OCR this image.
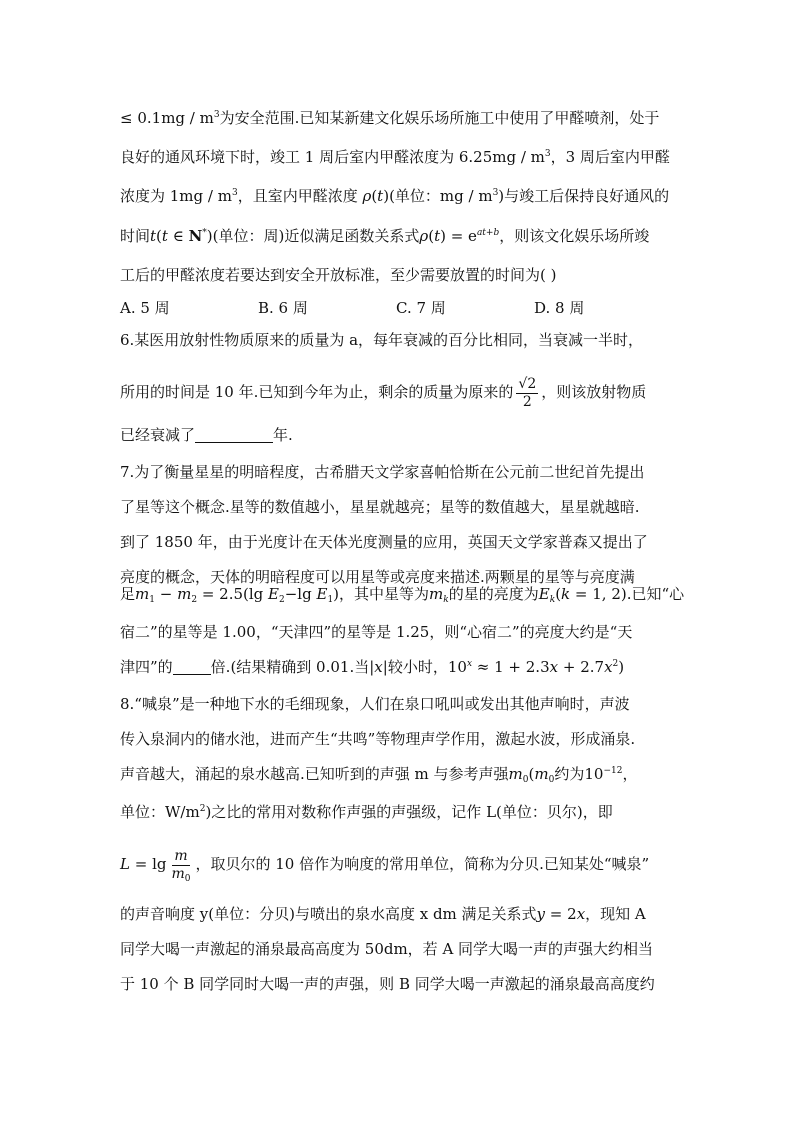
≤ $0.1mg / m^3$为安全范围.已知某新建文化娱乐场所施工中使用了甲醛喷剂，处于
良好的通风环境下时，竣工 1 周后室内甲醛浓度为 $6.25mg / m^3$，3 周后室内甲醛
浓度为 $1mg / m^3$，且室内甲醛浓度 ρ(t)(单位：mg / $m^3$)与竣工后保持良好通风的
时间t(t ∈ N*)(单位：周)近似满足函数关系式$\rho(t) = e^{at+b}$，则该文化娱乐场所竣
工后的甲醛浓度若要达到安全开放标准，至少需要放置的时间为( )
A. 5 周	B. 6 周	C. 7 周	D. 8 周
6.某医用放射性物质原来的质量为 a，每年衰减的百分比相同，当衰减一半时，
所用的时间是 10 年.已知到今年为止，剩余的质量为原来的 $\frac{√2}{2}$ ，则该放射物质
已经衰减了	年.
7.为了衡量星星的明暗程度，古希腊天文学家喜帕恰斯在公元前二世纪首先提出
了星等这个概念.星等的数值越小，星星就越亮；星等的数值越大，星星就越暗.
到了 1850 年，由于光度计在天体光度测量的应用，英国天文学家普森又提出了
亮度的概念，天体的明暗程度可以用星等或亮度来描述.两颗星的星等与亮度满
足$m_1 - m_2 = 2.5(\lg$ $E_2-\lg$ $E_1$)，其中星等为$m_k$的星的亮度为$E_k(k = 1$, 2).已知“心
宿二”的星等是 1.00，“天津四”的星等是 1.25，则“心宿二”的亮度大约是“天
津四”的	倍.(结果精确到 0.01.当|x|较小时，$10^x \approx 1 + 2.3x + 2.7x^2$)
8.“喊泉”是一种地下水的毛细现象，人们在泉口吼叫或发出其他声响时，声波
传入泉洞内的储水池，进而产生“共鸣”等物理声学作用，激起水波，形成涌泉.
声音越大，涌起的泉水越高.已知听到的声强 m 与参考声强$m_0(m_0$约为$10^{-12}$，
单位：$W/m^2$)之比的常用对数称作声强的声强级，记作 L(单位：贝尔)，即
$L = \lg \frac{m}{m_0}$ ，取贝尔的 10 倍作为响度的常用单位，简称为分贝.已知某处“喊泉”
的声音响度 y(单位：分贝)与喷出的泉水高度 x dm 满足关系式y = 2x，现知 A
同学大喝一声激起的涌泉最高高度为 50dm，若 A 同学大喝一声的声强大约相当
于 10 个 B 同学同时大喝一声的声强，则 B 同学大喝一声激起的涌泉最高高度约
